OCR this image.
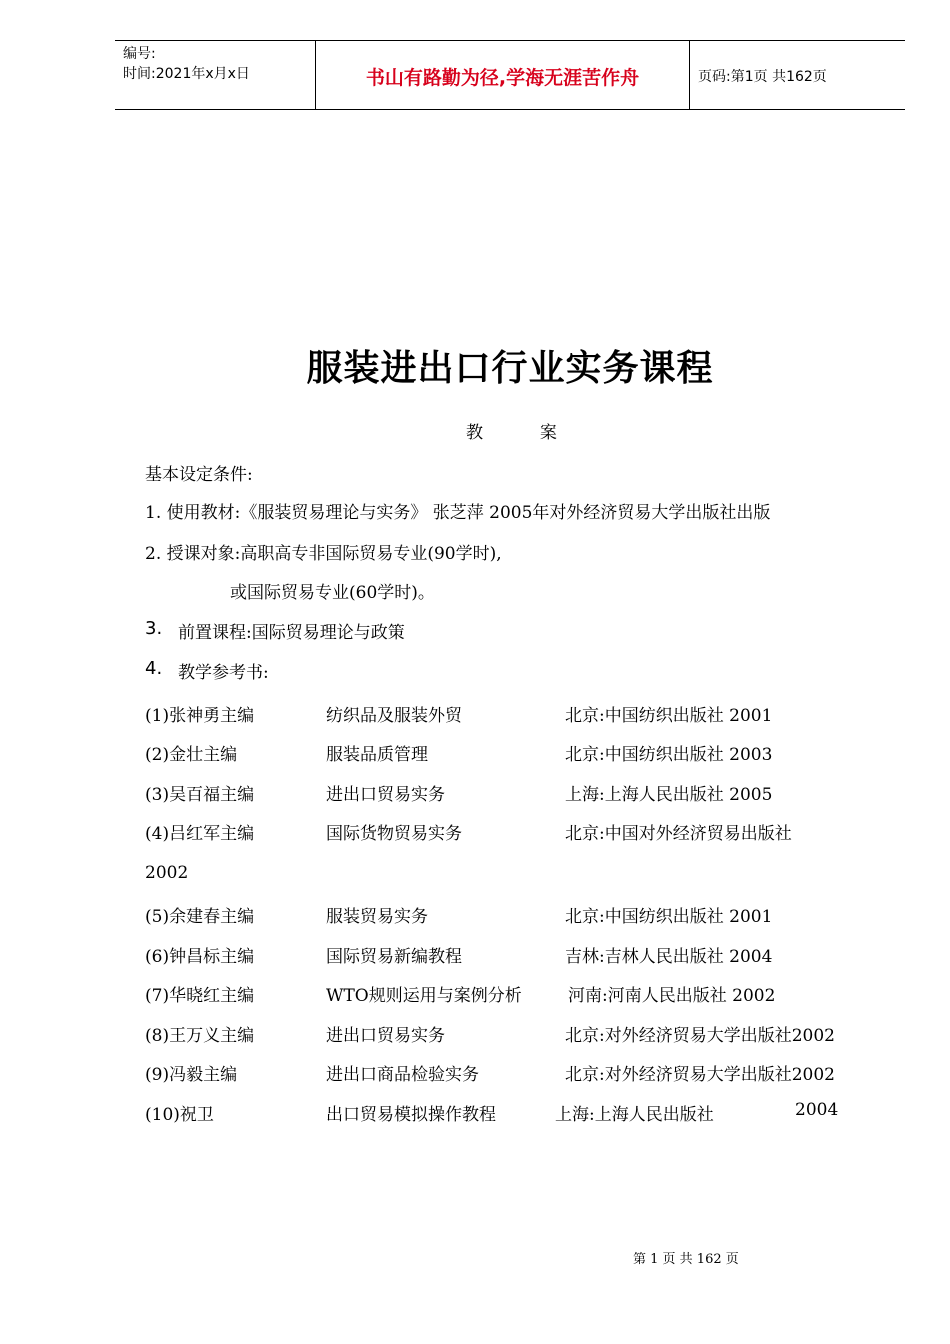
编号:
时间:2021年x月x日	书山有路勤为径,学海无涯苦作舟	页码:第1页 共162页
服装进出口行业实务课程
教	案
基本设定条件:
1. 使用教材:《服装贸易理论与实务》 张芝萍 2005年对外经济贸易大学出版社出版
2. 授课对象:高职高专非国际贸易专业(90学时),
或国际贸易专业(60学时)。
3. 前置课程:国际贸易理论与政策
4. 教学参考书:
(1)张神勇主编	纺织品及服装外贸	北京:中国纺织出版社 2001
(2)金壮主编	服装品质管理	北京:中国纺织出版社 2003
(3)吴百福主编	进出口贸易实务	上海:上海人民出版社 2005
(4)吕红军主编	国际货物贸易实务	北京:中国对外经济贸易出版社
2002
(5)余建春主编	服装贸易实务	北京:中国纺织出版社 2001
(6)钟昌标主编	国际贸易新编教程	吉林:吉林人民出版社 2004
(7)华晓红主编	WTO规则运用与案例分析	河南:河南人民出版社 2002
(8)王万义主编	进出口贸易实务	北京:对外经济贸易大学出版社2002
(9)冯毅主编	进出口商品检验实务	北京:对外经济贸易大学出版社2002
(10)祝卫	出口贸易模拟操作教程	上海:上海人民出版社	2004
第 1 页 共 162 页
